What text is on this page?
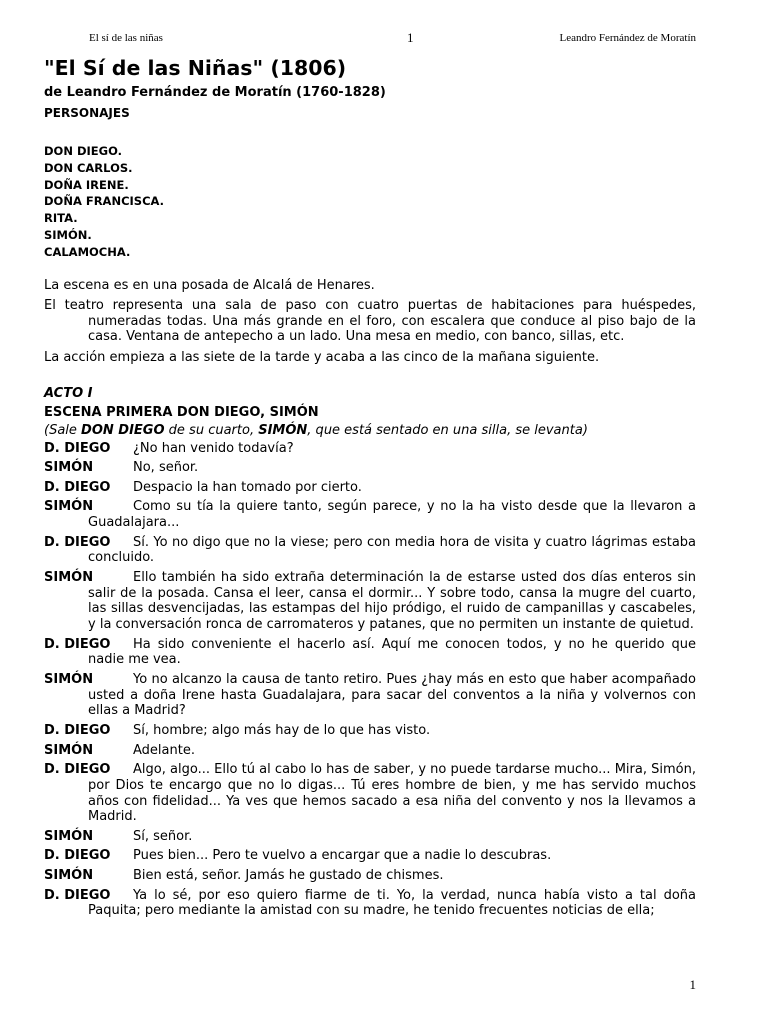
El sí de las niñas	1	Leandro Fernández de Moratín
"El Sí de las Niñas" (1806)

de Leandro Fernández de Moratín (1760-1828)

PERSONAJES

DON DIEGO.
DON CARLOS.
DOÑA IRENE.
DOÑA FRANCISCA.
RITA.
SIMÓN.
CALAMOCHA.

La escena es en una posada de Alcalá de Henares.

El teatro representa una sala de paso con cuatro puertas de habitaciones para huéspedes, numeradas todas. Una más grande en el foro, con escalera que conduce al piso bajo de la casa. Ventana de antepecho a un lado. Una mesa en medio, con banco, sillas, etc.

La acción empieza a las siete de la tarde y acaba a las cinco de la mañana siguiente.

ACTO I
ESCENA PRIMERA DON DIEGO, SIMÓN
(Sale DON DIEGO de su cuarto, SIMÓN, que está sentado en una silla, se levanta)
D. DIEGO ¿No han venido todavía?
SIMÓN	No, señor.
D. DIEGO Despacio la han tomado por cierto.
SIMÓN	Como su tía la quiere tanto, según parece, y no la ha visto desde que la llevaron a Guadalajara...
D. DIEGO Sí. Yo no digo que no la viese; pero con media hora de visita y cuatro lágrimas estaba concluido.
SIMÓN	Ello también ha sido extraña determinación la de estarse usted dos días enteros sin salir de la posada. Cansa el leer, cansa el dormir... Y sobre todo, cansa la mugre del cuarto, las sillas desvencijadas, las estampas del hijo pródigo, el ruido de campanillas y cascabeles, y la conversación ronca de carromateros y patanes, que no permiten un instante de quietud.
D. DIEGO Ha sido conveniente el hacerlo así. Aquí me conocen todos, y no he querido que nadie me vea.
SIMÓN	Yo no alcanzo la causa de tanto retiro. Pues ¿hay más en esto que haber acompañado usted a doña Irene hasta Guadalajara, para sacar del conventos a la niña y volvernos con ellas a Madrid?
D. DIEGO Sí, hombre; algo más hay de lo que has visto.
SIMÓN	Adelante.
D. DIEGO Algo, algo... Ello tú al cabo lo has de saber, y no puede tardarse mucho... Mira, Simón, por Dios te encargo que no lo digas... Tú eres hombre de bien, y me has servido muchos años con fidelidad... Ya ves que hemos sacado a esa niña del convento y nos la llevamos a Madrid.
SIMÓN	Sí, señor.
D. DIEGO Pues bien... Pero te vuelvo a encargar que a nadie lo descubras.
SIMÓN	Bien está, señor. Jamás he gustado de chismes.
D. DIEGO Ya lo sé, por eso quiero fiarme de ti. Yo, la verdad, nunca había visto a tal doña Paquita; pero mediante la amistad con su madre, he tenido frecuentes noticias de ella;
1
